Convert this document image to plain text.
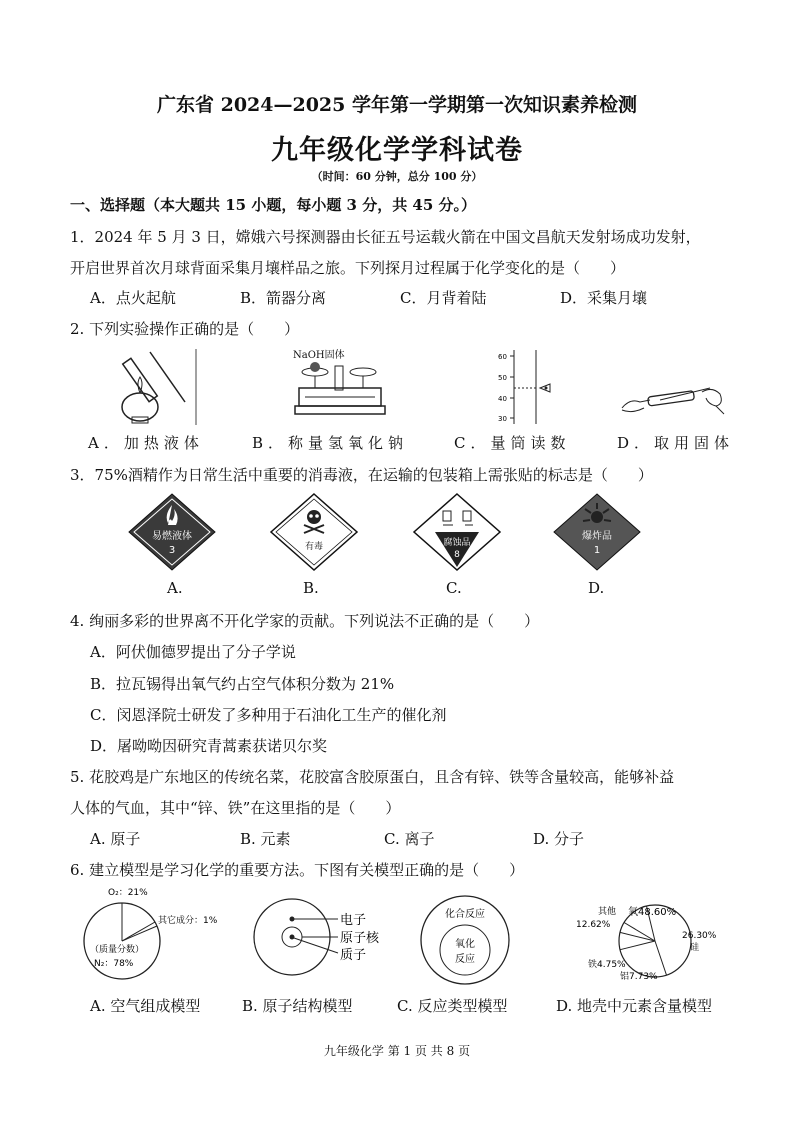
广东省 2024—2025 学年第一学期第一次知识素养检测
九年级化学学科试卷
（时间：60 分钟，总分 100 分）
一、选择题（本大题共 15 小题，每小题 3 分，共 45 分。）
1．2024 年 5 月 3 日，嫦娥六号探测器由长征五号运载火箭在中国文昌航天发射场成功发射，
开启世界首次月球背面采集月壤样品之旅。下列探月过程属于化学变化的是（　　）
A．点火起航	B．箭器分离	C．月背着陆	D．采集月壤
2. 下列实验操作正确的是（　　）
NaOH固体	60
50
40
30
A．加热液体	B．称量氢氧化钠	C．量筒读数	D．取用固体
3．75%酒精作为日常生活中重要的消毒液，在运输的包装箱上需张贴的标志是（　　）
易燃液体
3	有毒	腐蚀品
8
爆炸品
1
A.	B.	C.	D.
4. 绚丽多彩的世界离不开化学家的贡献。下列说法不正确的是（　　）
A．阿伏伽德罗提出了分子学说
B．拉瓦锡得出氧气约占空气体积分数为 21%
C．闵恩泽院士研发了多种用于石油化工生产的催化剂
D．屠呦呦因研究青蒿素获诺贝尔奖
5. 花胶鸡是广东地区的传统名菜，花胶富含胶原蛋白，且含有锌、铁等含量较高，能够补益
人体的气血，其中“锌、铁”在这里指的是（　　）
A. 原子	B. 元素	C. 离子	D. 分子
6. 建立模型是学习化学的重要方法。下图有关模型正确的是（　　）
O₂：21%
其它成分：1%
（质量分数）
N₂：78%
电子
原子核
质子
化合反应
氧化
反应
其他
12.62%
氧48.60%
26.30%
硅
铁4.75%
铝7.73%
A. 空气组成模型	B. 原子结构模型	C. 反应类型模型	D. 地壳中元素含量模型
九年级化学 第 1 页 共 8 页
